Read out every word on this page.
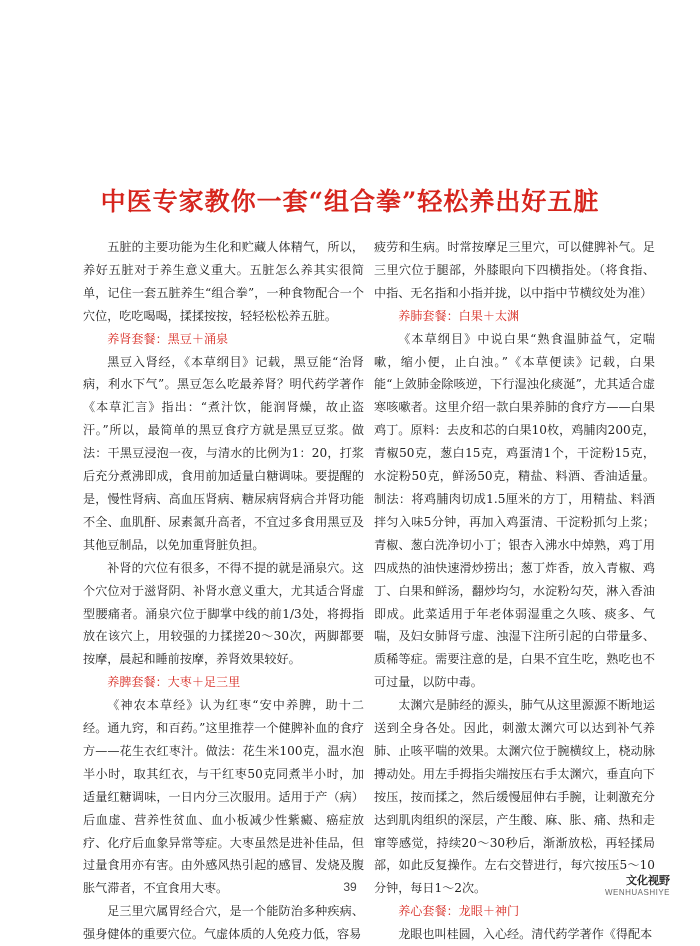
中医专家教你一套“组合拳”轻松养出好五脏

五脏的主要功能为生化和贮藏人体精气，所以，养好五脏对于养生意义重大。五脏怎么养其实很简单，记住一套五脏养生“组合拳”，一种食物配合一个穴位，吃吃喝喝，揉揉按按，轻轻松松养五脏。

养肾套餐：黑豆＋涌泉

黑豆入肾经，《本草纲目》记载，黑豆能“治肾病，利水下气”。黑豆怎么吃最养肾？明代药学著作《本草汇言》指出：“煮汁饮，能润肾燥，故止盗汗。”所以，最简单的黑豆食疗方就是黑豆豆浆。做法：干黑豆浸泡一夜，与清水的比例为1：20，打浆后充分煮沸即成，食用前加适量白糖调味。要提醒的是，慢性肾病、高血压肾病、糖尿病肾病合并肾功能不全、血肌酐、尿素氮升高者，不宜过多食用黑豆及其他豆制品，以免加重肾脏负担。

补肾的穴位有很多，不得不提的就是涌泉穴。这个穴位对于滋肾阴、补肾水意义重大，尤其适合肾虚型腰痛者。涌泉穴位于脚掌中线的前1/3处，将拇指放在该穴上，用较强的力揉搓20～30次，两脚都要按摩，晨起和睡前按摩，养肾效果较好。

养脾套餐：大枣＋足三里

《神农本草经》认为红枣“安中养脾，助十二经。通九窍，和百药。”这里推荐一个健脾补血的食疗方——花生衣红枣汁。做法：花生米100克，温水泡半小时，取其红衣，与干红枣50克同煮半小时，加适量红糖调味，一日内分三次服用。适用于产（病）后血虚、营养性贫血、血小板减少性紫癜、癌症放疗、化疗后血象异常等症。大枣虽然是进补佳品，但过量食用亦有害。由外感风热引起的感冒、发烧及腹胀气滞者，不宜食用大枣。

足三里穴属胃经合穴，是一个能防治多种疾病、强身健体的重要穴位。气虚体质的人免疫力低，容易

疲劳和生病。时常按摩足三里穴，可以健脾补气。足三里穴位于腿部，外膝眼向下四横指处。（将食指、中指、无名指和小指并拢，以中指中节横纹处为准）

养肺套餐：白果＋太渊

《本草纲目》中说白果“熟食温肺益气，定喘嗽，缩小便，止白浊。”《本草便读》记载，白果能“上敛肺金除咳逆，下行湿浊化痰涎”，尤其适合虚寒咳嗽者。这里介绍一款白果养肺的食疗方——白果鸡丁。原料：去皮和芯的白果10枚，鸡脯肉200克，青椒50克，葱白15克，鸡蛋清1个，干淀粉15克，水淀粉50克，鲜汤50克，精盐、料酒、香油适量。制法：将鸡脯肉切成1.5厘米的方丁，用精盐、料酒拌匀入味5分钟，再加入鸡蛋清、干淀粉抓匀上浆；青椒、葱白洗净切小丁；银杏入沸水中焯熟，鸡丁用四成热的油快速滑炒捞出；葱丁炸香，放入青椒、鸡丁、白果和鲜汤，翻炒均匀，水淀粉勾芡，淋入香油即成。此菜适用于年老体弱湿重之久咳、痰多、气喘，及妇女肺肾亏虚、浊湿下注所引起的白带量多、质稀等症。需要注意的是，白果不宜生吃，熟吃也不可过量，以防中毒。

太渊穴是肺经的源头，肺气从这里源源不断地运送到全身各处。因此，刺激太渊穴可以达到补气养肺、止咳平喘的效果。太渊穴位于腕横纹上，桡动脉搏动处。用左手拇指尖端按压右手太渊穴，垂直向下按压，按而揉之，然后缓慢屈伸右手腕，让刺激充分达到肌肉组织的深层，产生酸、麻、胀、痛、热和走窜等感觉，持续20～30秒后，渐渐放松，再轻揉局部，如此反复操作。左右交替进行，每穴按压5～10分钟，每日1～2次。

养心套餐：龙眼＋神门

龙眼也叫桂圆，入心经。清代药学著作《得配本

39	文化视野
WENHUASHIYE
